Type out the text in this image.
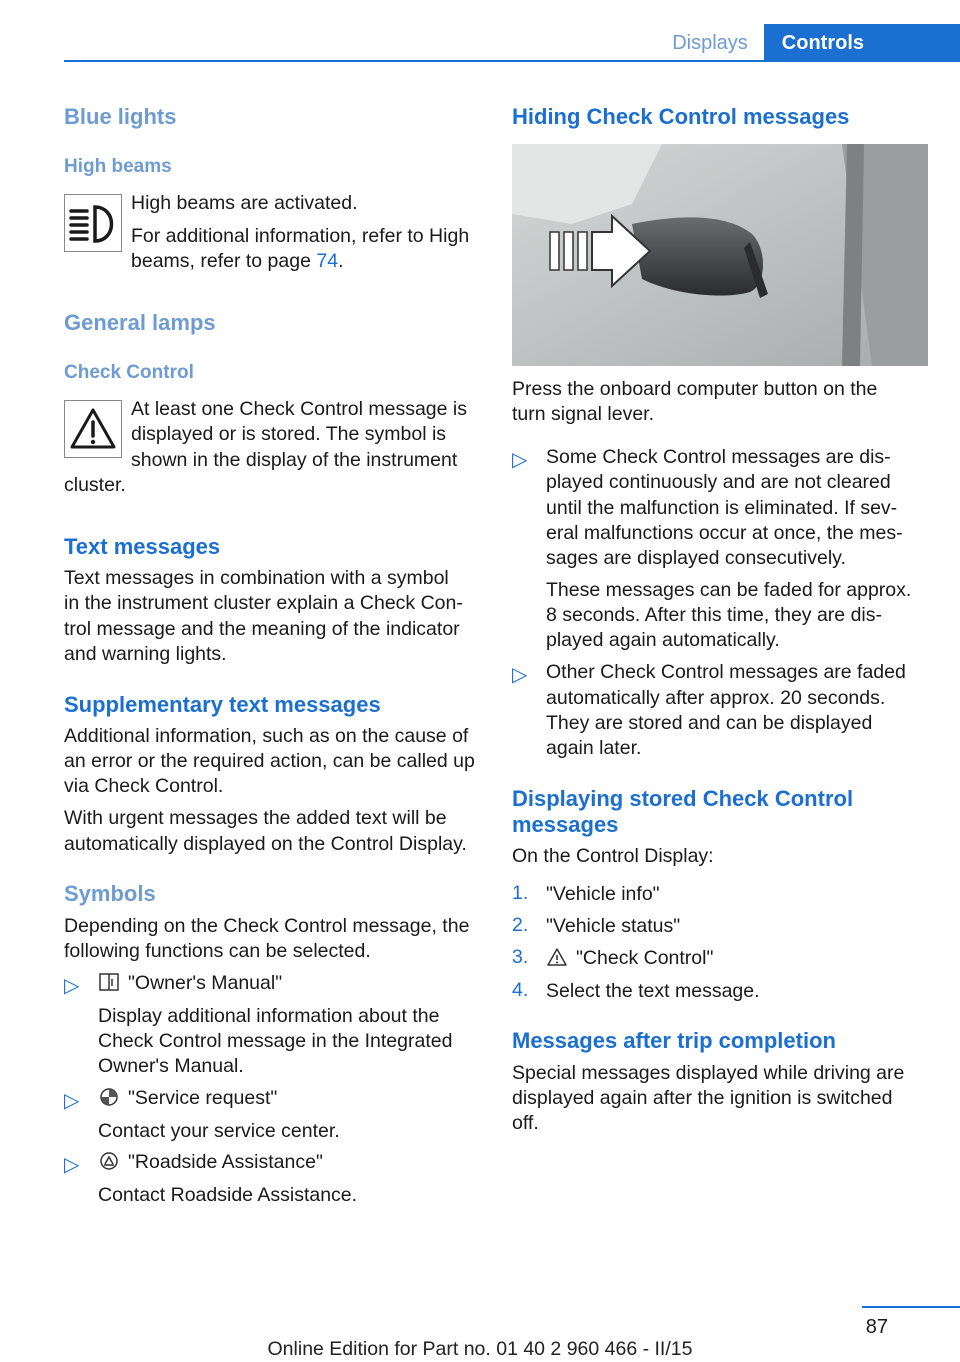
Displays	Controls
Blue lights
High beams
High beams are activated.
For additional information, refer to High
beams, refer to page 74.
General lamps
Check Control
At least one Check Control message is
displayed or is stored. The symbol is
shown in the display of the instrument
cluster.
Text messages
Text messages in combination with a symbol
in the instrument cluster explain a Check Con-
trol message and the meaning of the indicator
and warning lights.
Supplementary text messages
Additional information, such as on the cause of
an error or the required action, can be called up
via Check Control.
With urgent messages the added text will be
automatically displayed on the Control Display.
Symbols
Depending on the Check Control message, the
following functions can be selected.
▷	"Owner's Manual"
Display additional information about the
Check Control message in the Integrated
Owner's Manual.
▷	"Service request"
Contact your service center.
▷	"Roadside Assistance"
Contact Roadside Assistance.
Hiding Check Control messages
Press the onboard computer button on the
turn signal lever.
▷ Some Check Control messages are dis-
played continuously and are not cleared
until the malfunction is eliminated. If sev-
eral malfunctions occur at once, the mes-
sages are displayed consecutively.
These messages can be faded for approx.
8 seconds. After this time, they are dis-
played again automatically.
▷ Other Check Control messages are faded
automatically after approx. 20 seconds.
They are stored and can be displayed
again later.
Displaying stored Check Control
messages
On the Control Display:
1. "Vehicle info"
2. "Vehicle status"
3.	"Check Control"
4. Select the text message.
Messages after trip completion
Special messages displayed while driving are
displayed again after the ignition is switched
off.
87
Online Edition for Part no. 01 40 2 960 466 - II/15
